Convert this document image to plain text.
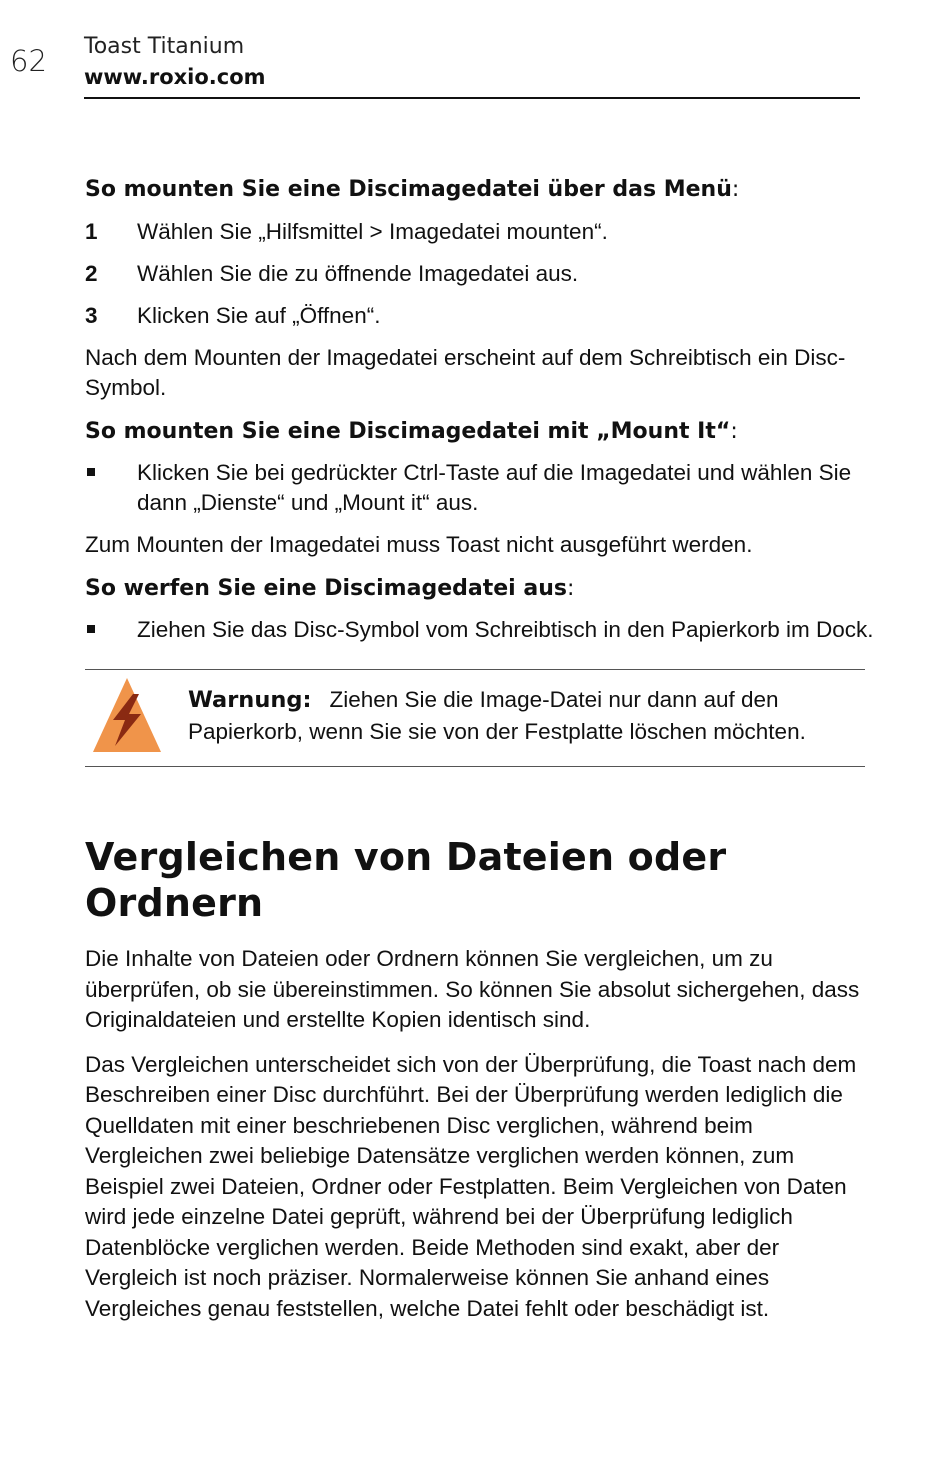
62 Toast Titanium
www.roxio.com
So mounten Sie eine Discimagedatei über das Menü:
1	Wählen Sie „Hilfsmittel > Imagedatei mounten“.
2	Wählen Sie die zu öffnende Imagedatei aus.
3	Klicken Sie auf „Öffnen“.

Nach dem Mounten der Imagedatei erscheint auf dem Schreibtisch ein Disc-Symbol.

So mounten Sie eine Discimagedatei mit „Mount It“:
Klicken Sie bei gedrückter Ctrl-Taste auf die Imagedatei und wählen Sie dann „Dienste“ und „Mount it“ aus.

Zum Mounten der Imagedatei muss Toast nicht ausgeführt werden.

So werfen Sie eine Discimagedatei aus:
Ziehen Sie das Disc-Symbol vom Schreibtisch in den Papierkorb im Dock.
Warnung: Ziehen Sie die Image-Datei nur dann auf den Papierkorb, wenn Sie sie von der Festplatte löschen möchten.
Vergleichen von Dateien oder Ordnern

Die Inhalte von Dateien oder Ordnern können Sie vergleichen, um zu überprüfen, ob sie übereinstimmen. So können Sie absolut sichergehen, dass Originaldateien und erstellte Kopien identisch sind.

Das Vergleichen unterscheidet sich von der Überprüfung, die Toast nach dem Beschreiben einer Disc durchführt. Bei der Überprüfung werden lediglich die Quelldaten mit einer beschriebenen Disc verglichen, während beim Vergleichen zwei beliebige Datensätze verglichen werden können, zum Beispiel zwei Dateien, Ordner oder Festplatten. Beim Vergleichen von Daten wird jede einzelne Datei geprüft, während bei der Überprüfung lediglich Datenblöcke verglichen werden. Beide Methoden sind exakt, aber der Vergleich ist noch präziser. Normalerweise können Sie anhand eines Vergleiches genau feststellen, welche Datei fehlt oder beschädigt ist.
